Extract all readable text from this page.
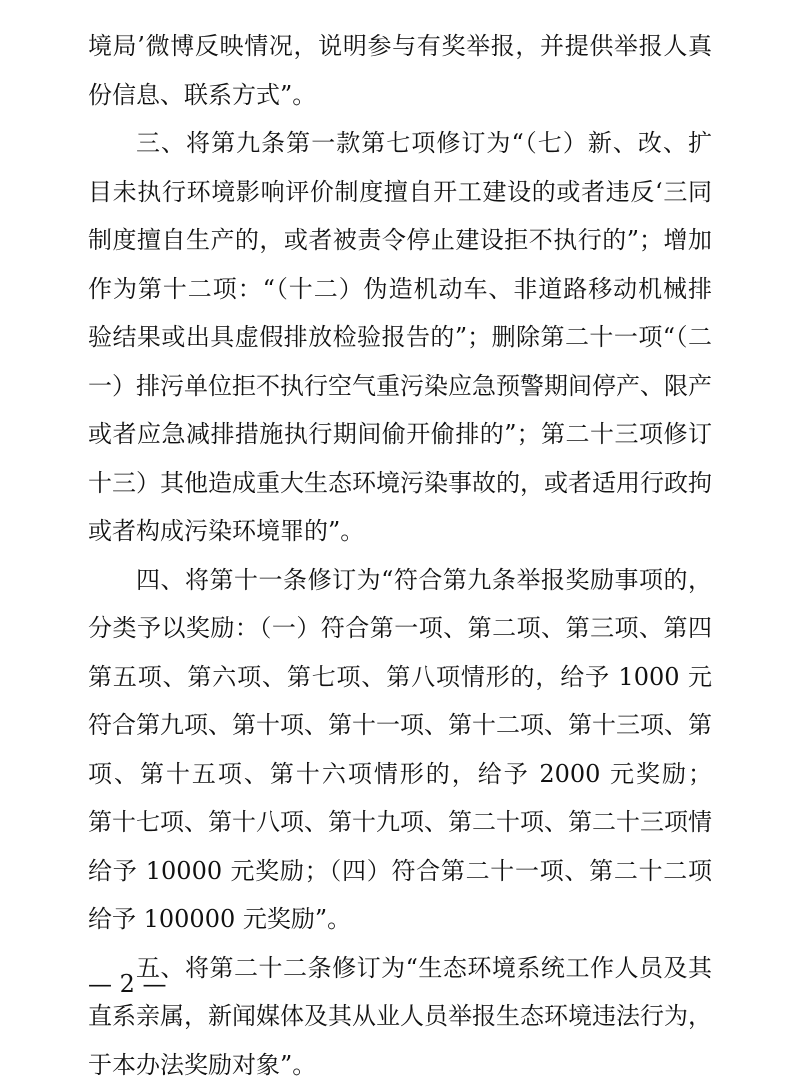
境局’微博反映情况，说明参与有奖举报，并提供举报人真
份信息、联系方式”。
三、将第九条第一款第七项修订为“（七）新、改、扩
目未执行环境影响评价制度擅自开工建设的或者违反‘三同
制度擅自生产的，或者被责令停止建设拒不执行的”；增加
作为第十二项：“（十二）伪造机动车、非道路移动机械排
验结果或出具虚假排放检验报告的”；删除第二十一项“（二
一）排污单位拒不执行空气重污染应急预警期间停产、限产
或者应急减排措施执行期间偷开偷排的”；第二十三项修订
十三）其他造成重大生态环境污染事故的，或者适用行政拘
或者构成污染环境罪的”。
四、将第十一条修订为“符合第九条举报奖励事项的，
分类予以奖励：（一）符合第一项、第二项、第三项、第四
第五项、第六项、第七项、第八项情形的，给予 1000 元
符合第九项、第十项、第十一项、第十二项、第十三项、第
项、第十五项、第十六项情形的，给予 2000 元奖励；
第十七项、第十八项、第十九项、第二十项、第二十三项情
给予 10000 元奖励；（四）符合第二十一项、第二十二项
给予 100000 元奖励”。
五、将第二十二条修订为“生态环境系统工作人员及其
直系亲属，新闻媒体及其从业人员举报生态环境违法行为，
于本办法奖励对象”。
— 2 —
